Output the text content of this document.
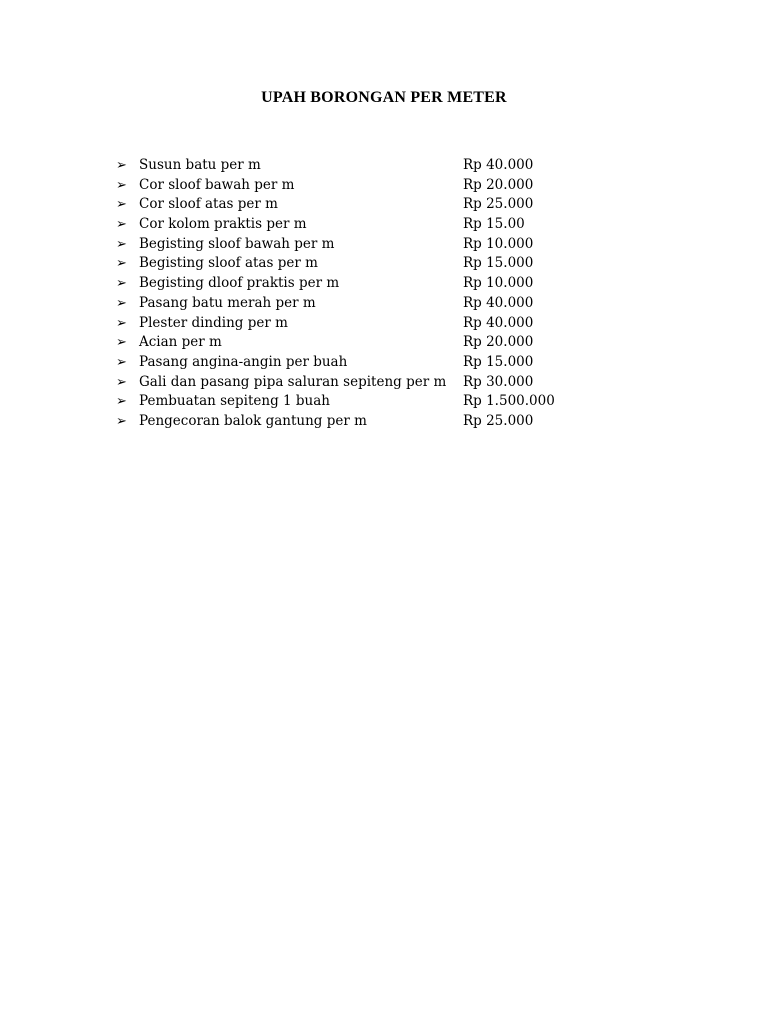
UPAH BORONGAN PER METER
➢ Susun batu per m	Rp 40.000
➢ Cor sloof bawah per m	Rp 20.000
➢ Cor sloof atas per m	Rp 25.000
➢ Cor kolom praktis per m	Rp 15.00
➢ Begisting sloof bawah per m	Rp 10.000
➢ Begisting sloof atas per m	Rp 15.000
➢ Begisting dloof praktis per m	Rp 10.000
➢ Pasang batu merah per m	Rp 40.000
➢ Plester dinding per m	Rp 40.000
➢ Acian per m	Rp 20.000
➢ Pasang angina-angin per buah	Rp 15.000
➢ Gali dan pasang pipa saluran sepiteng per m Rp 30.000
➢ Pembuatan sepiteng 1 buah	Rp 1.500.000
➢ Pengecoran balok gantung per m	Rp 25.000
